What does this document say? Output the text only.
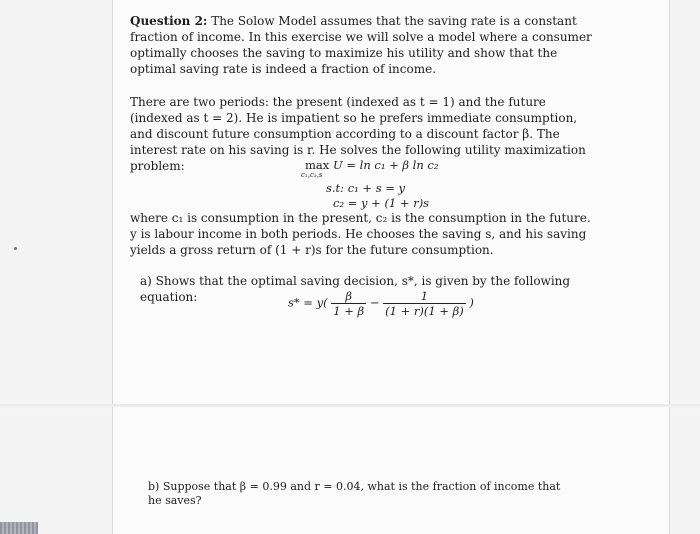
Question 2: The Solow Model assumes that the saving rate is a constant fraction of income. In this exercise we will solve a model where a consumer optimally chooses the saving to maximize his utility and show that the optimal saving rate is indeed a fraction of income.

There are two periods: the present (indexed as t = 1) and the future (indexed as t = 2). He is impatient so he prefers immediate consumption, and discount future consumption according to a discount factor β. The interest rate on his saving is r. He solves the following utility maximization problem:	max
c₁,c₂,s
U = ln c₁ + β ln c₂
s.t: c₁ + s = y
c₂ = y + (1 + r)s

where c₁ is consumption in the present, c₂ is the consumption in the future. y is labour income in both periods. He chooses the saving s, and his saving yields a gross return of (1 + r)s for the future consumption.

a) Shows that the optimal saving decision, s*, is given by the following equation:	$s* = y( \frac{\beta}{1 + \beta} - \frac{1}{(1 + r)(1 + \beta)}$ )

b) Suppose that β = 0.99 and r = 0.04, what is the fraction of income that he saves?
